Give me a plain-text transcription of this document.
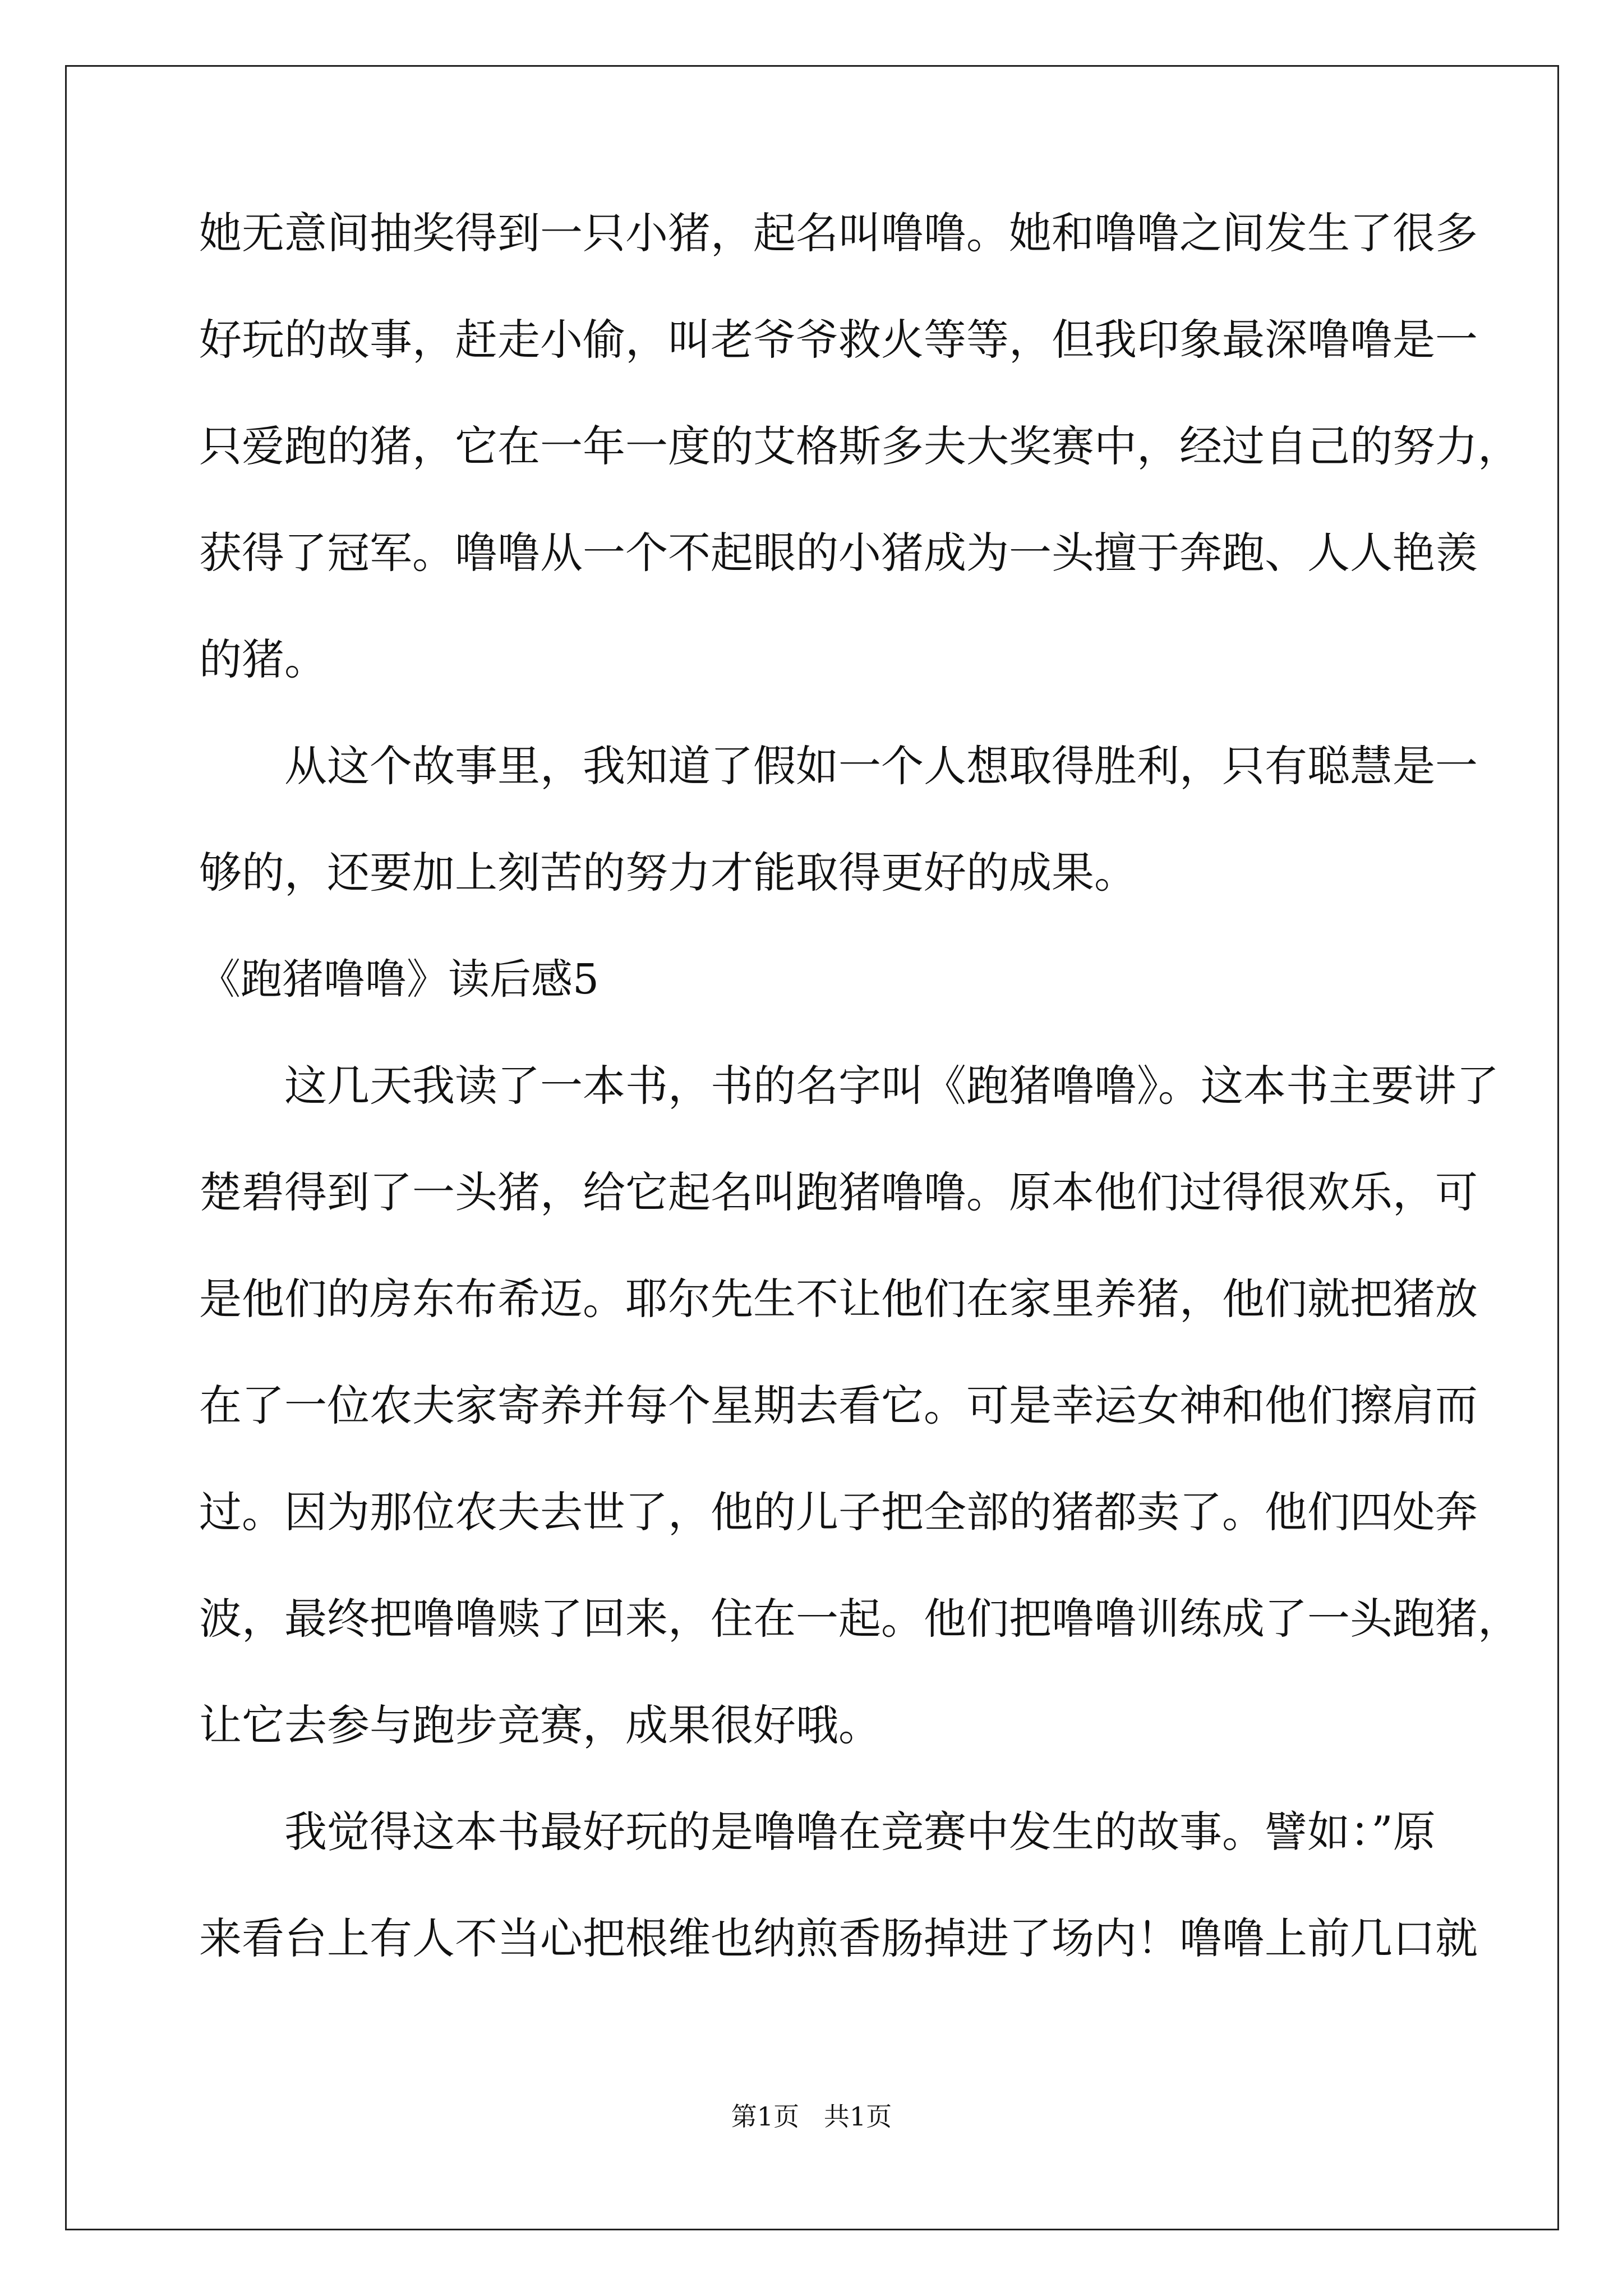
她无意间抽奖得到一只小猪，起名叫噜噜。她和噜噜之间发生了很多
好玩的故事，赶走小偷，叫老爷爷救火等等，但我印象最深噜噜是一
只爱跑的猪，它在一年一度的艾格斯多夫大奖赛中，经过自己的努力，
获得了冠军。噜噜从一个不起眼的小猪成为一头擅于奔跑、人人艳羡
的猪。
从这个故事里，我知道了假如一个人想取得胜利，只有聪慧是一
够的，还要加上刻苦的努力才能取得更好的成果。
《跑猪噜噜》读后感5
这几天我读了一本书，书的名字叫《跑猪噜噜》。这本书主要讲了
楚碧得到了一头猪，给它起名叫跑猪噜噜。原本他们过得很欢乐，可
是他们的房东布希迈。耶尔先生不让他们在家里养猪，他们就把猪放
在了一位农夫家寄养并每个星期去看它。可是幸运女神和他们擦肩而
过。因为那位农夫去世了，他的儿子把全部的猪都卖了。他们四处奔
波，最终把噜噜赎了回来，住在一起。他们把噜噜训练成了一头跑猪，
让它去参与跑步竞赛，成果很好哦。
我觉得这本书最好玩的是噜噜在竞赛中发生的故事。譬如：”原
来看台上有人不当心把根维也纳煎香肠掉进了场内！噜噜上前几口就
第1页   共1页
